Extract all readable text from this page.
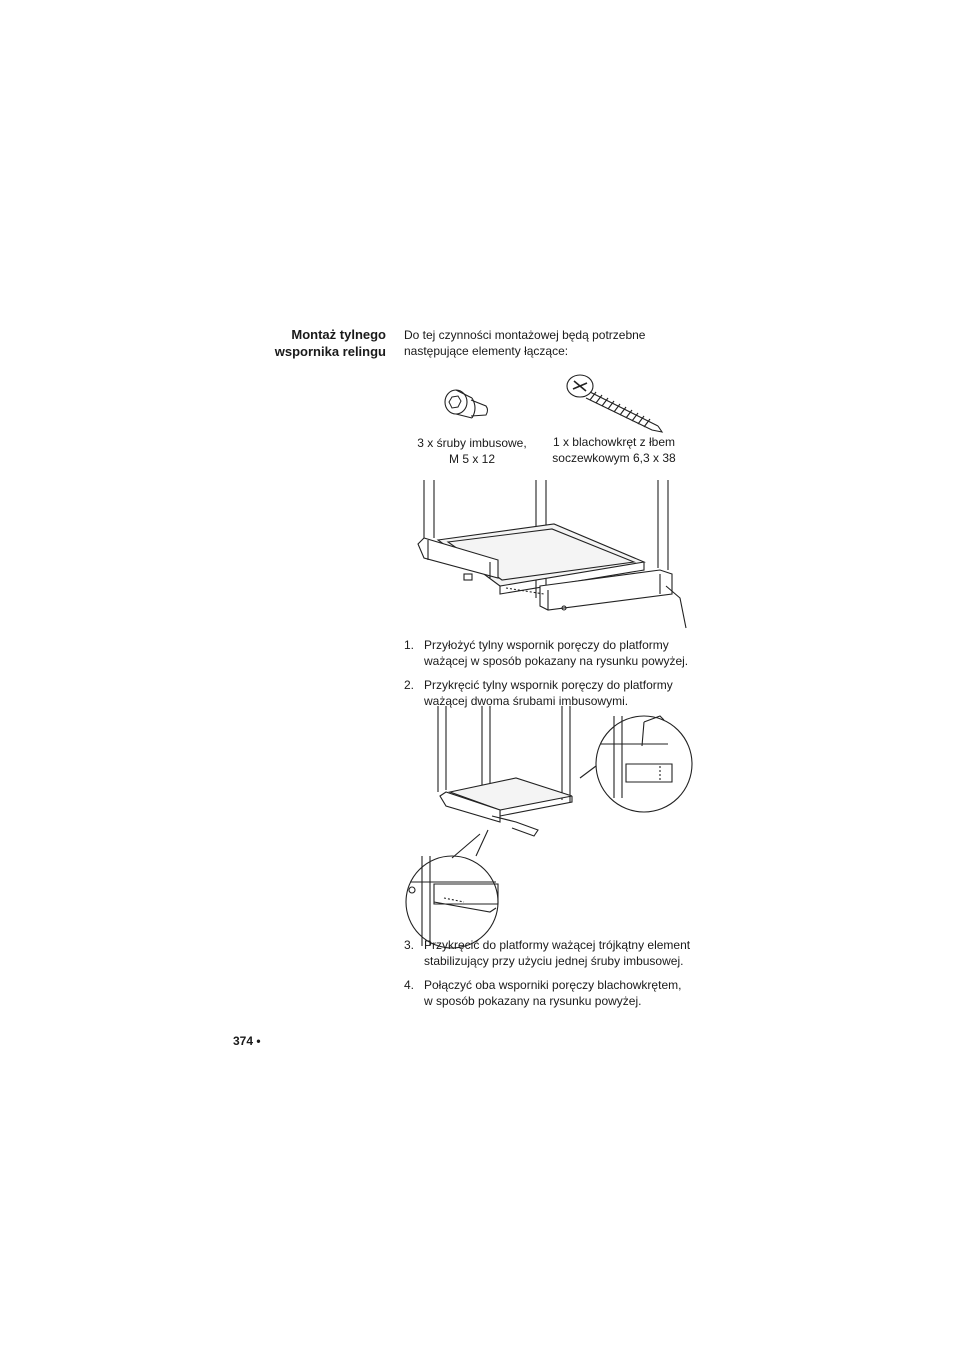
Montaż tylnego
wspornika relingu
Do tej czynności montażowej będą potrzebne
następujące elementy łączące:
3 x śruby imbusowe,
M 5 x 12
1 x blachowkręt z łbem
soczewkowym 6,3 x 38
1. Przyłożyć tylny wspornik poręczy do platformy
ważącej w sposób pokazany na rysunku powyżej.
2. Przykręcić tylny wspornik poręczy do platformy
ważącej dwoma śrubami imbusowymi.
3. Przykręcić do platformy ważącej trójkątny element
stabilizujący przy użyciu jednej śruby imbusowej.
4. Połączyć oba wsporniki poręczy blachowkrętem,
w sposób pokazany na rysunku powyżej.
374 •
